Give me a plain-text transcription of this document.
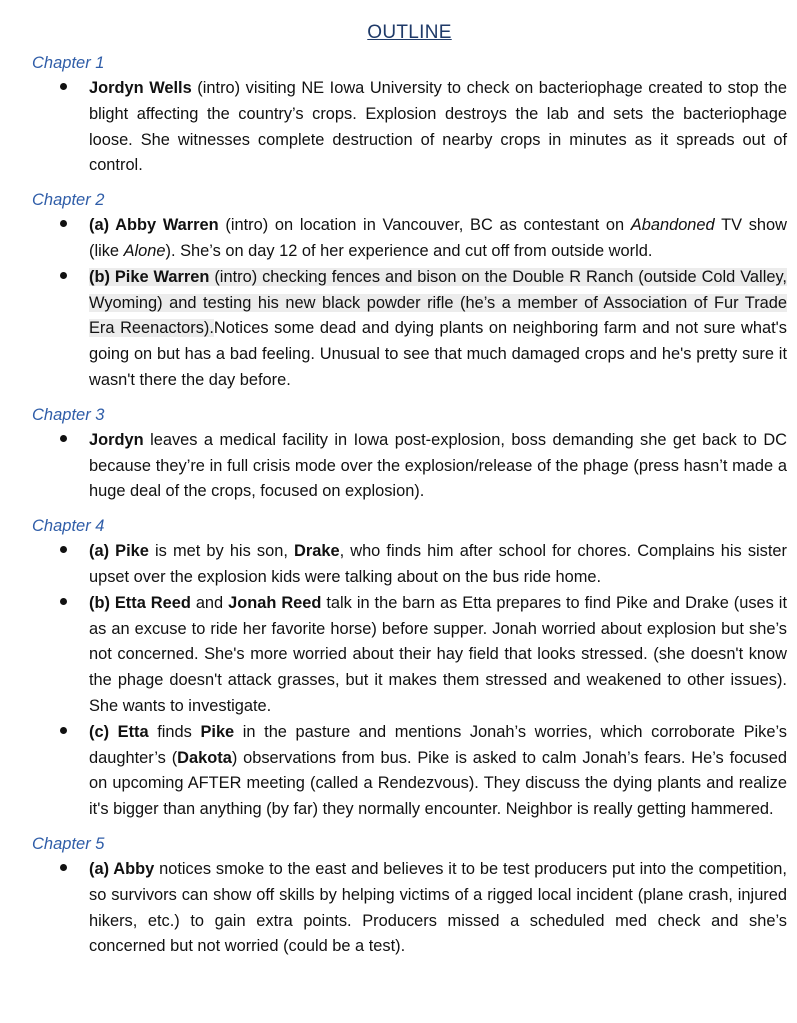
OUTLINE
Chapter 1
Jordyn Wells (intro) visiting NE Iowa University to check on bacteriophage created to stop the blight affecting the country’s crops. Explosion destroys the lab and sets the bacteriophage loose. She witnesses complete destruction of nearby crops in minutes as it spreads out of control.
Chapter 2
(a) Abby Warren (intro) on location in Vancouver, BC as contestant on Abandoned TV show (like Alone). She’s on day 12 of her experience and cut off from outside world.
(b) Pike Warren (intro) checking fences and bison on the Double R Ranch (outside Cold Valley, Wyoming) and testing his new black powder rifle (he’s a member of Association of Fur Trade Era Reenactors).Notices some dead and dying plants on neighboring farm and not sure what's going on but has a bad feeling. Unusual to see that much damaged crops and he's pretty sure it wasn't there the day before.
Chapter 3
Jordyn leaves a medical facility in Iowa post-explosion, boss demanding she get back to DC because they’re in full crisis mode over the explosion/release of the phage (press hasn’t made a huge deal of the crops, focused on explosion).
Chapter 4
(a) Pike is met by his son, Drake, who finds him after school for chores. Complains his sister upset over the explosion kids were talking about on the bus ride home.
(b) Etta Reed and Jonah Reed talk in the barn as Etta prepares to find Pike and Drake (uses it as an excuse to ride her favorite horse) before supper. Jonah worried about explosion but she’s not concerned. She's more worried about their hay field that looks stressed. (she doesn't know the phage doesn't attack grasses, but it makes them stressed and weakened to other issues). She wants to investigate.
(c) Etta finds Pike in the pasture and mentions Jonah’s worries, which corroborate Pike’s daughter’s (Dakota) observations from bus. Pike is asked to calm Jonah’s fears. He’s focused on upcoming AFTER meeting (called a Rendezvous). They discuss the dying plants and realize it's bigger than anything (by far) they normally encounter. Neighbor is really getting hammered.
Chapter 5
(a) Abby notices smoke to the east and believes it to be test producers put into the competition, so survivors can show off skills by helping victims of a rigged local incident (plane crash, injured hikers, etc.) to gain extra points. Producers missed a scheduled med check and she’s concerned but not worried (could be a test).
